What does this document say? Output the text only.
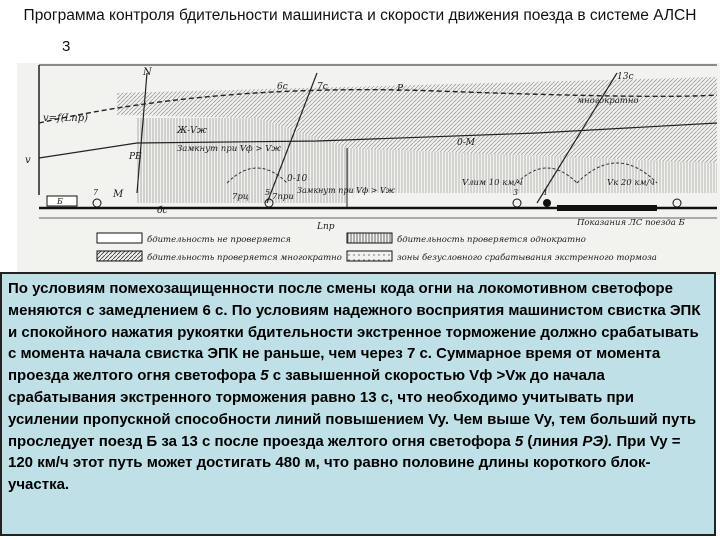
Программа контроля бдительности машиниста и скорости движения поезда в системе АЛСН
3
N
v=f(Lпр)
v
M
РБ
бс
P
0-М
Lпр
Ж-Vж
Замкнут при Vф > Vж
0-10
Замкнут при Vф > Vж
Vлим 10 км/ч	Vк 20 км/ч
7рц	7при
Показания ЛС поезда Б
13с
6с	7с
многократно
Б
7	5	3	1
бдительность не проверяется
бдительность проверяется многократно
бдительность проверяется однократно
зоны безусловного срабатывания экстренного тормоза

По условиям помехозащищенности после смены кода огни на локомотивном светофоре меняются с замедлением 6 с. По условиям надежного восприятия машинистом свистка ЭПК и спокойного нажатия рукоятки бдительности экстренное торможение должно срабатывать с момента начала свистка ЭПК не раньше, чем через 7 с. Суммарное время от момента проезда желтого огня светофора 5 с завышенной скоростью Vф >Vж до начала срабатывания экстренного торможения равно 13 с, что необходимо учитывать при усилении пропускной способности линий повышением Vy. Чем выше Vy, тем больший путь проследует поезд Б за 13 с после проезда желтого огня светофора 5 (линия РЭ). При Vy = 120 км/ч этот путь может достигать 480 м, что равно половине длины короткого блок-участка.
